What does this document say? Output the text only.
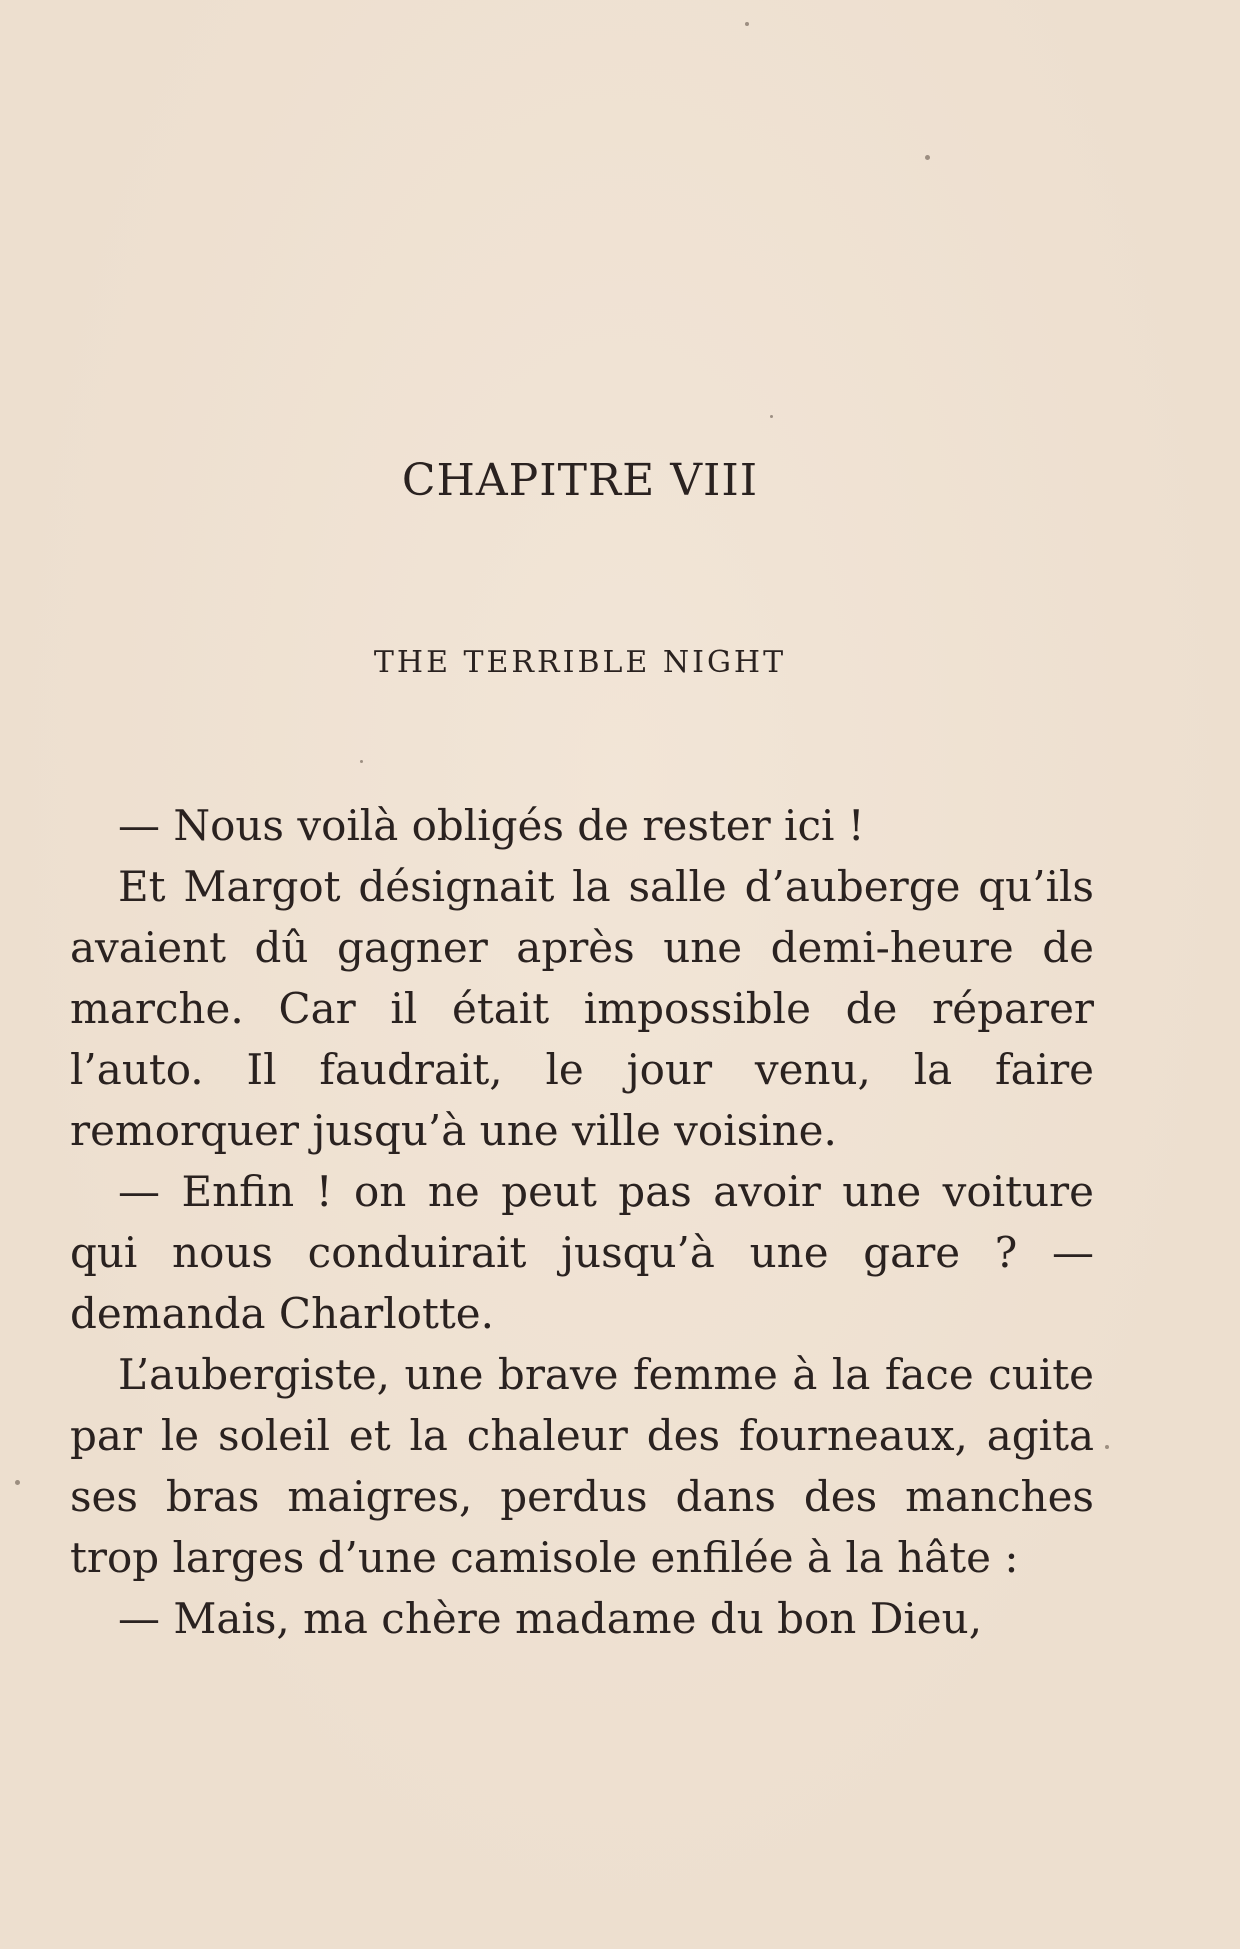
CHAPITRE VIII
THE TERRIBLE NIGHT

— Nous voilà obligés de rester ici !

Et Margot désignait la salle d’auberge qu’ils avaient dû gagner après une demi-heure de marche. Car il était impossible de réparer l’auto. Il faudrait, le jour venu, la faire remorquer jusqu’à une ville voisine.

— Enfin ! on ne peut pas avoir une voiture qui nous conduirait jusqu’à une gare ? — demanda Charlotte.

L’aubergiste, une brave femme à la face cuite par le soleil et la chaleur des fourneaux, agita ses bras maigres, perdus dans des manches trop larges d’une camisole enfilée à la hâte :

— Mais, ma chère madame du bon Dieu,
